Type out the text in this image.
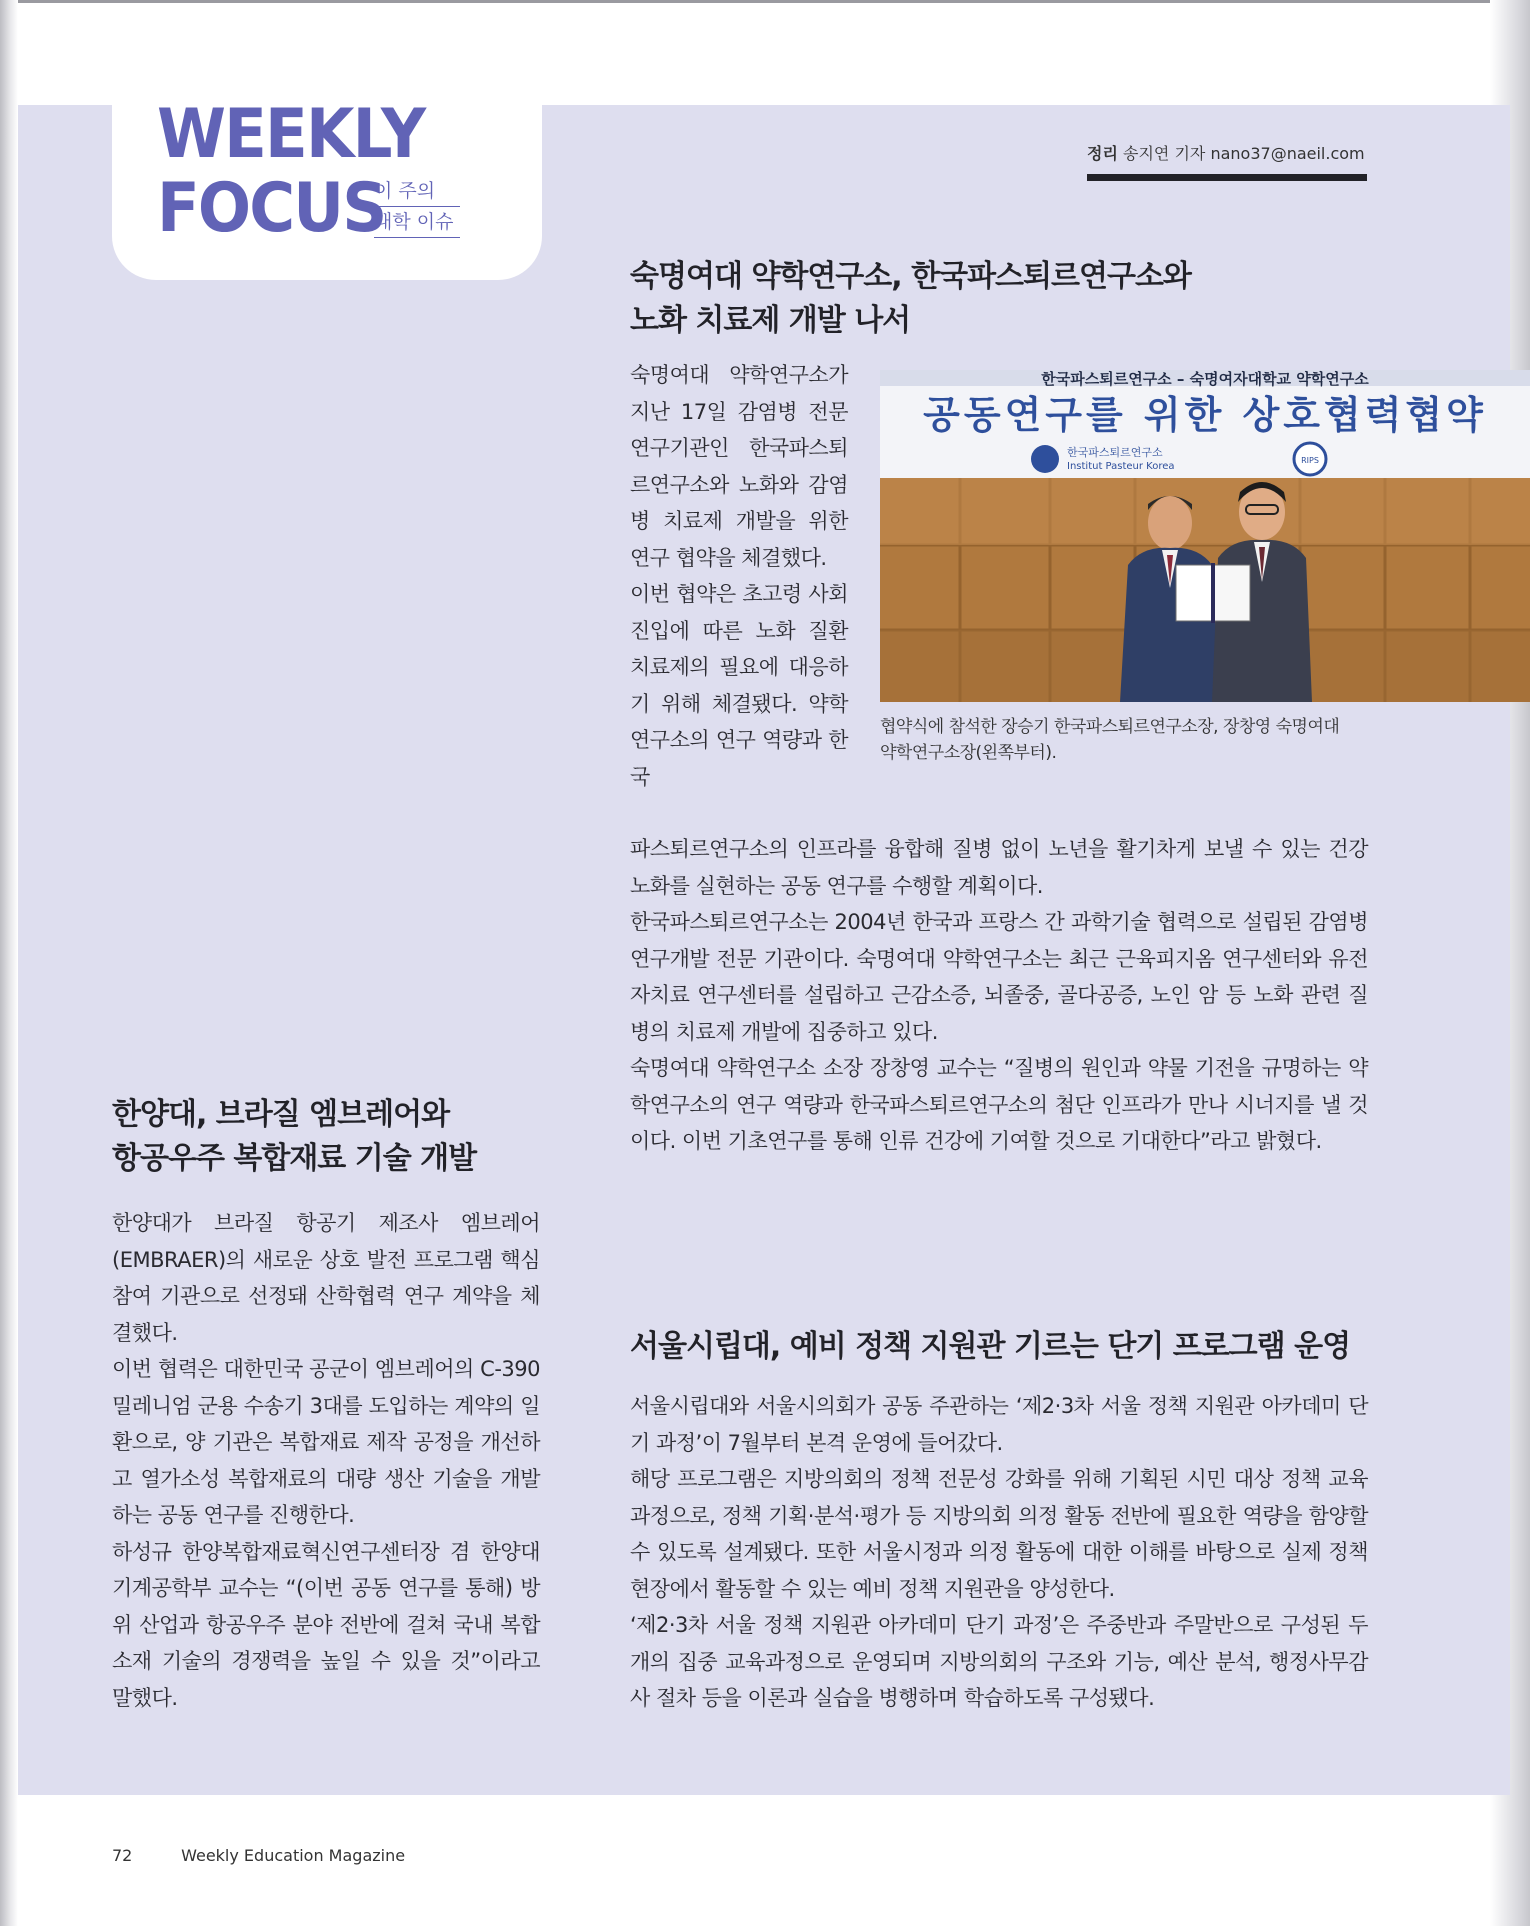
WEEKLY
FOCUS
이 주의
대학 이슈
정리 송지연 기자 nano37@naeil.com
숙명여대 약학연구소, 한국파스퇴르연구소와
노화 치료제 개발 나서

숙명여대 약학연구소가 지난 17일 감염병 전문 연구기관인 한국파스퇴르연구소와 노화와 감염병 치료제 개발을 위한 연구 협약을 체결했다.

이번 협약은 초고령 사회 진입에 따른 노화 질환 치료제의 필요에 대응하기 위해 체결됐다. 약학연구소의 연구 역량과 한국

한국파스퇴르연구소 – 숙명여자대학교 약학연구소
공동연구를 위한 상호협력협약
한국파스퇴르연구소
Institut Pasteur Korea
RIPS
협약식에 참석한 장승기 한국파스퇴르연구소장, 장창영 숙명여대 약학연구소장(왼쪽부터).

파스퇴르연구소의 인프라를 융합해 질병 없이 노년을 활기차게 보낼 수 있는 건강 노화를 실현하는 공동 연구를 수행할 계획이다.

한국파스퇴르연구소는 2004년 한국과 프랑스 간 과학기술 협력으로 설립된 감염병 연구개발 전문 기관이다. 숙명여대 약학연구소는 최근 근육피지옴 연구센터와 유전자치료 연구센터를 설립하고 근감소증, 뇌졸중, 골다공증, 노인 암 등 노화 관련 질병의 치료제 개발에 집중하고 있다.

숙명여대 약학연구소 소장 장창영 교수는 “질병의 원인과 약물 기전을 규명하는 약학연구소의 연구 역량과 한국파스퇴르연구소의 첨단 인프라가 만나 시너지를 낼 것이다. 이번 기초연구를 통해 인류 건강에 기여할 것으로 기대한다”라고 밝혔다.

한양대, 브라질 엠브레어와
항공우주 복합재료 기술 개발

한양대가 브라질 항공기 제조사 엠브레어(EMBRAER)의 새로운 상호 발전 프로그램 핵심 참여 기관으로 선정돼 산학협력 연구 계약을 체결했다.

이번 협력은 대한민국 공군이 엠브레어의 C-390 밀레니엄 군용 수송기 3대를 도입하는 계약의 일환으로, 양 기관은 복합재료 제작 공정을 개선하고 열가소성 복합재료의 대량 생산 기술을 개발하는 공동 연구를 진행한다.

하성규 한양복합재료혁신연구센터장 겸 한양대 기계공학부 교수는 “(이번 공동 연구를 통해) 방위 산업과 항공우주 분야 전반에 걸쳐 국내 복합소재 기술의 경쟁력을 높일 수 있을 것”이라고 말했다.

서울시립대, 예비 정책 지원관 기르는 단기 프로그램 운영

서울시립대와 서울시의회가 공동 주관하는 ‘제2·3차 서울 정책 지원관 아카데미 단기 과정’이 7월부터 본격 운영에 들어갔다.

해당 프로그램은 지방의회의 정책 전문성 강화를 위해 기획된 시민 대상 정책 교육과정으로, 정책 기획·분석·평가 등 지방의회 의정 활동 전반에 필요한 역량을 함양할 수 있도록 설계됐다. 또한 서울시정과 의정 활동에 대한 이해를 바탕으로 실제 정책 현장에서 활동할 수 있는 예비 정책 지원관을 양성한다.

‘제2·3차 서울 정책 지원관 아카데미 단기 과정’은 주중반과 주말반으로 구성된 두 개의 집중 교육과정으로 운영되며 지방의회의 구조와 기능, 예산 분석, 행정사무감사 절차 등을 이론과 실습을 병행하며 학습하도록 구성됐다.

72	Weekly Education Magazine
